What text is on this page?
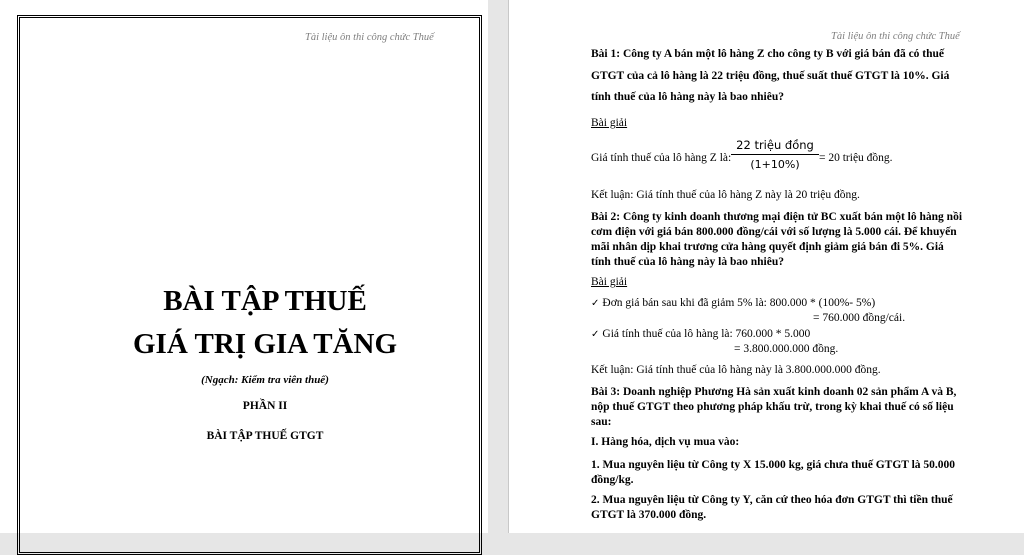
Tài liệu ôn thi công chức Thuế
BÀI TẬP THUẾ
GIÁ TRỊ GIA TĂNG
(Ngạch: Kiểm tra viên thuế)
PHẦN II
BÀI TẬP THUẾ GTGT
Tài liệu ôn thi công chức Thuế
Bài 1: Công ty A bán một lô hàng Z cho công ty B với giá bán đã có thuế
GTGT của cả lô hàng là 22 triệu đồng, thuế suất thuế GTGT là 10%. Giá
tính thuế của lô hàng này là bao nhiêu?
Bài giải
Giá tính thuế của lô hàng Z là:
22 triệu đồng
(1+10%)	= 20 triệu đồng.
Kết luận: Giá tính thuế của lô hàng Z này là 20 triệu đồng.
Bài 2: Công ty kinh doanh thương mại điện tử BC xuất bán một lô hàng nồi
cơm điện với giá bán 800.000 đồng/cái với số lượng là 5.000 cái. Để khuyến
mãi nhân dịp khai trương cửa hàng quyết định giảm giá bán đi 5%. Giá
tính thuế của lô hàng này là bao nhiêu?
Bài giải
✓ Đơn giá bán sau khi đã giảm 5% là: 800.000 * (100%- 5%)
= 760.000 đồng/cái.
✓ Giá tính thuế của lô hàng là: 760.000 * 5.000
= 3.800.000.000 đồng.
Kết luận: Giá tính thuế của lô hàng này là 3.800.000.000 đồng.
Bài 3: Doanh nghiệp Phương Hà sản xuất kinh doanh 02 sản phẩm A và B,
nộp thuế GTGT theo phương pháp khấu trừ, trong kỳ khai thuế có số liệu
sau:
I. Hàng hóa, dịch vụ mua vào:
1. Mua nguyên liệu từ Công ty X 15.000 kg, giá chưa thuế GTGT là 50.000
đồng/kg.
2. Mua nguyên liệu từ Công ty Y, căn cứ theo hóa đơn GTGT thì tiền thuế
GTGT là 370.000 đồng.
